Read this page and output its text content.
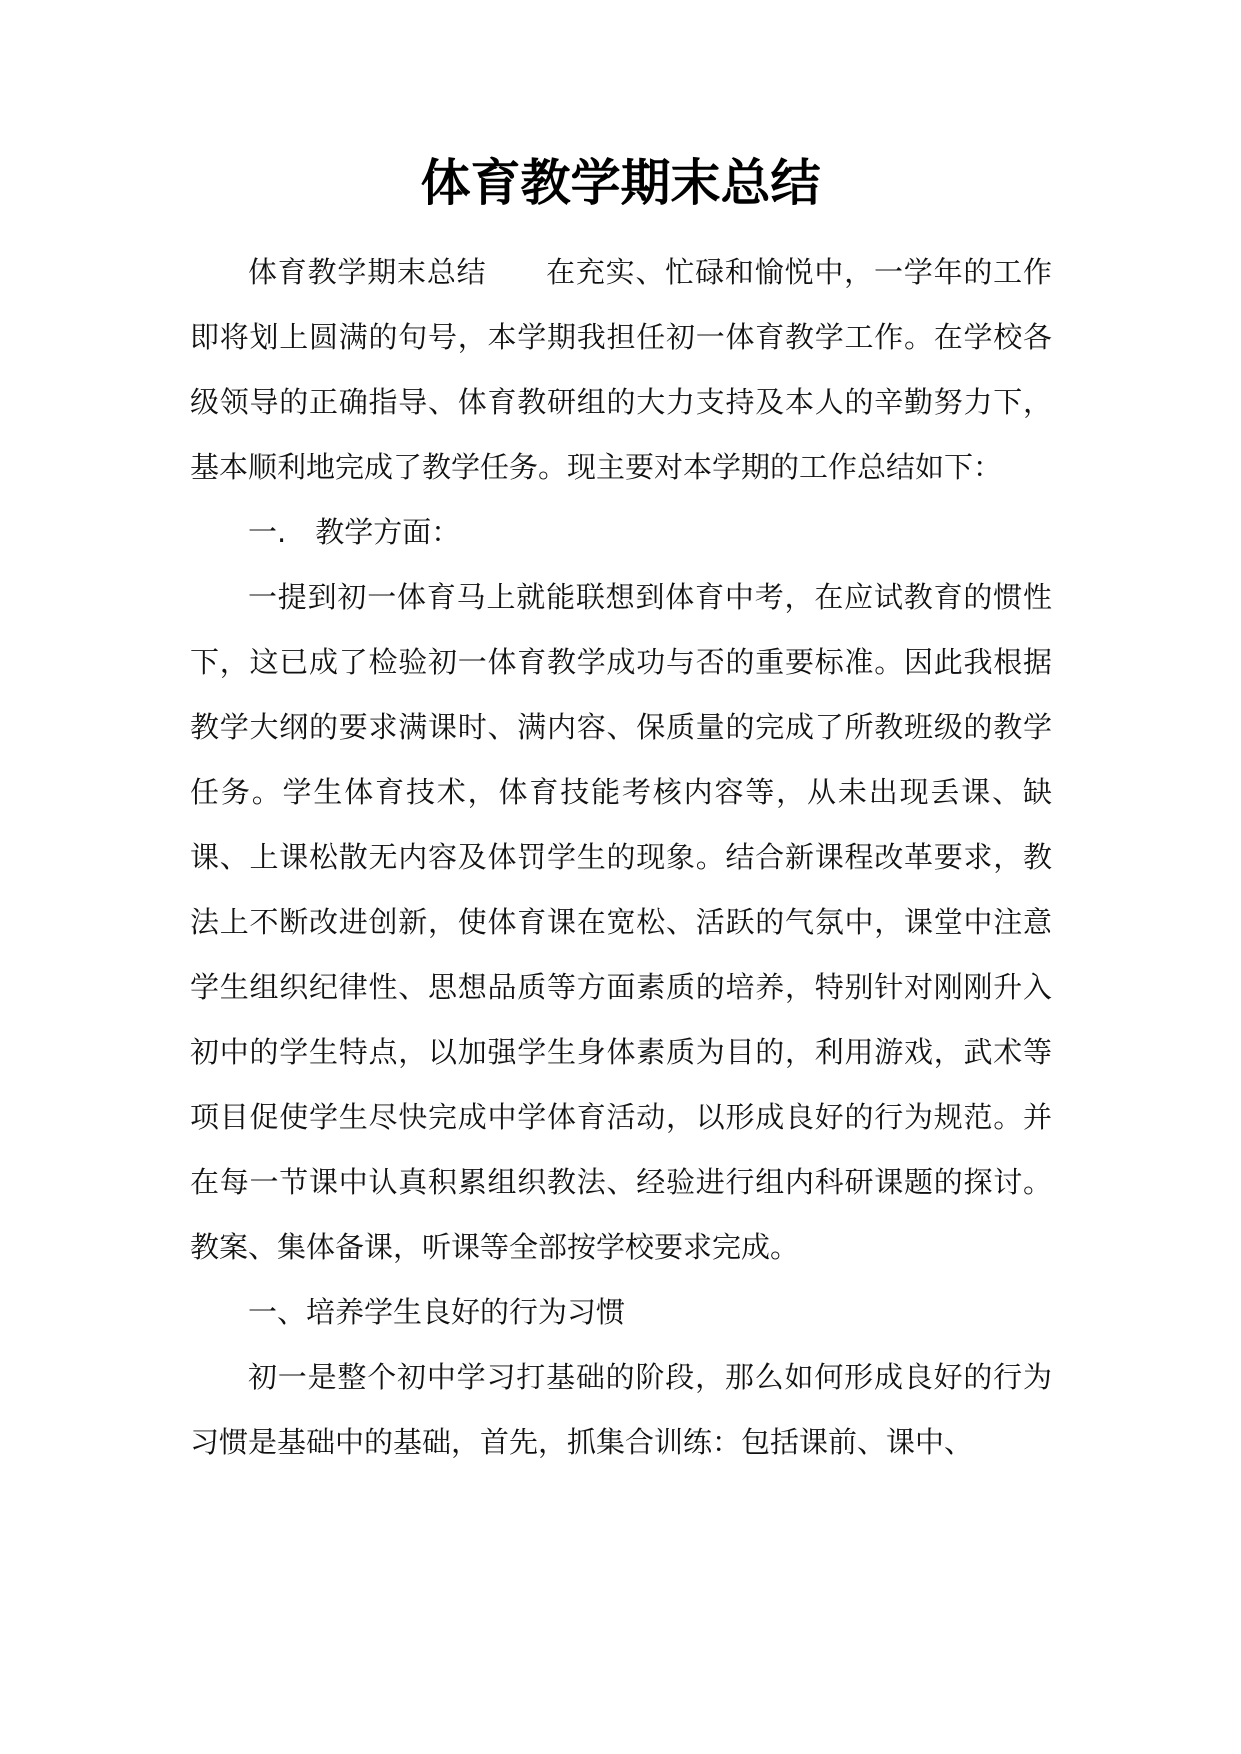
体育教学期末总结

体育教学期末总结　　在充实、忙碌和愉悦中，一学年的工作即将划上圆满的句号，本学期我担任初一体育教学工作。在学校各级领导的正确指导、体育教研组的大力支持及本人的辛勤努力下，基本顺利地完成了教学任务。现主要对本学期的工作总结如下：

一.　教学方面：

一提到初一体育马上就能联想到体育中考，在应试教育的惯性下，这已成了检验初一体育教学成功与否的重要标准。因此我根据教学大纲的要求满课时、满内容、保质量的完成了所教班级的教学任务。学生体育技术，体育技能考核内容等，从未出现丢课、缺课、上课松散无内容及体罚学生的现象。结合新课程改革要求，教法上不断改进创新，使体育课在宽松、活跃的气氛中，课堂中注意学生组织纪律性、思想品质等方面素质的培养，特别针对刚刚升入初中的学生特点，以加强学生身体素质为目的，利用游戏，武术等项目促使学生尽快完成中学体育活动，以形成良好的行为规范。并在每一节课中认真积累组织教法、经验进行组内科研课题的探讨。教案、集体备课，听课等全部按学校要求完成。

一、培养学生良好的行为习惯

初一是整个初中学习打基础的阶段，那么如何形成良好的行为习惯是基础中的基础，首先，抓集合训练：包括课前、课中、
